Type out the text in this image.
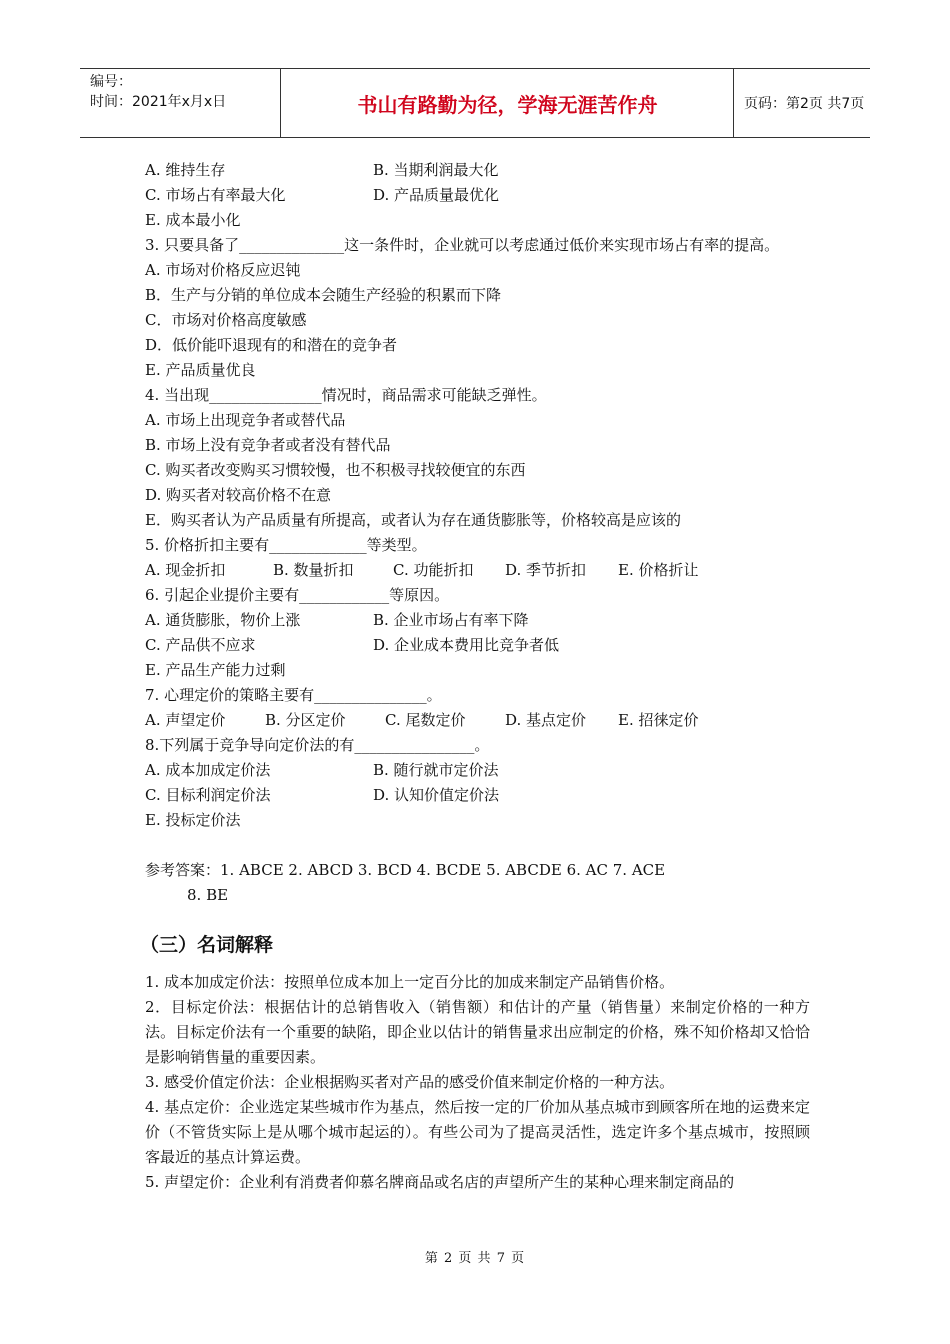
编号：
时间：2021年x月x日	书山有路勤为径，学海无涯苦作舟	页码：第2页 共7页
A. 维持生存	B. 当期利润最大化
C. 市场占有率最大化	D. 产品质量最优化
E. 成本最小化
3. 只要具备了______________这一条件时，企业就可以考虑通过低价来实现市场占有率的提高。
A. 市场对价格反应迟钝
B．生产与分销的单位成本会随生产经验的积累而下降
C．市场对价格高度敏感
D．低价能吓退现有的和潜在的竞争者
E. 产品质量优良
4. 当出现_______________情况时，商品需求可能缺乏弹性。
A. 市场上出现竞争者或替代品
B. 市场上没有竞争者或者没有替代品
C. 购买者改变购买习惯较慢，也不积极寻找较便宜的东西
D. 购买者对较高价格不在意
E．购买者认为产品质量有所提高，或者认为存在通货膨胀等，价格较高是应该的
5. 价格折扣主要有_____________等类型。
A. 现金折扣	B. 数量折扣	C. 功能折扣	D. 季节折扣	E. 价格折让
6. 引起企业提价主要有____________等原因。
A. 通货膨胀，物价上涨	B. 企业市场占有率下降
C. 产品供不应求	D. 企业成本费用比竞争者低
E. 产品生产能力过剩
7. 心理定价的策略主要有_______________。
A. 声望定价	B. 分区定价	C. 尾数定价	D. 基点定价	E. 招徕定价
8.下列属于竞争导向定价法的有________________。
A. 成本加成定价法	B. 随行就市定价法
C. 目标利润定价法	D. 认知价值定价法
E. 投标定价法
参考答案：1. ABCE 2. ABCD 3. BCD 4. BCDE 5. ABCDE 6. AC 7. ACE
8. BE
（三）名词解释
1. 成本加成定价法：按照单位成本加上一定百分比的加成来制定产品销售价格。
2．目标定价法：根据估计的总销售收入（销售额）和估计的产量（销售量）来制定价格的一种方法。目标定价法有一个重要的缺陷，即企业以估计的销售量求出应制定的价格，殊不知价格却又恰恰是影响销售量的重要因素。
3. 感受价值定价法：企业根据购买者对产品的感受价值来制定价格的一种方法。
4. 基点定价：企业选定某些城市作为基点，然后按一定的厂价加从基点城市到顾客所在地的运费来定价（不管货实际上是从哪个城市起运的）。有些公司为了提高灵活性，选定许多个基点城市，按照顾客最近的基点计算运费。
5. 声望定价：企业利有消费者仰慕名牌商品或名店的声望所产生的某种心理来制定商品的
第 2 页 共 7 页
